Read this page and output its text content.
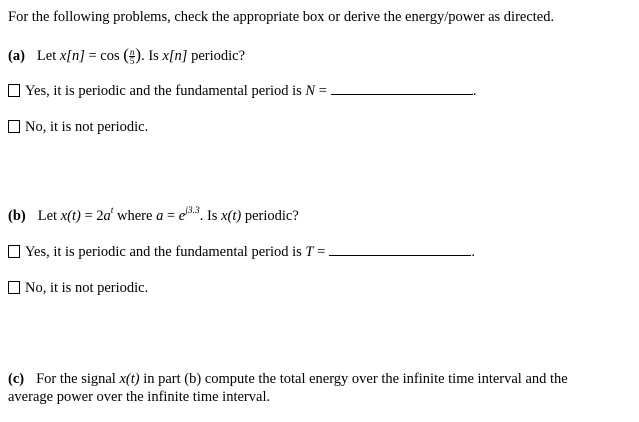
For the following problems, check the appropriate box or derive the energy/power as directed.
(a) Let x[n] = cos ( $\frac{n}{5}$ ). Is x[n] periodic?
Yes, it is periodic and the fundamental period is N =	.
No, it is not periodic.
(b) Let $x(t) = 2a^t$ where $a = e^{j3.3}$. Is x(t) periodic?
Yes, it is periodic and the fundamental period is T =	.
No, it is not periodic.
(c) For the signal x(t) in part (b) compute the total energy over the infinite time interval and the
average power over the infinite time interval.
